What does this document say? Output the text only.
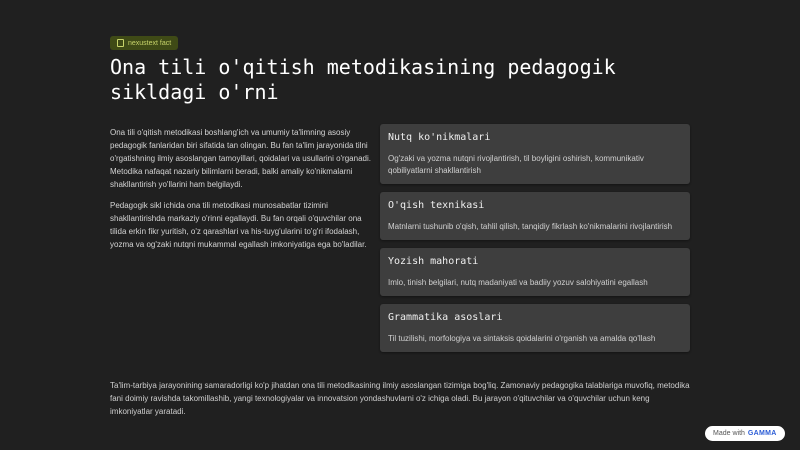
nexustext fact
Ona tili o'qitish metodikasining pedagogik sikldagi o'rni

Ona tili o'qitish metodikasi boshlang'ich va umumiy ta'limning asosiy pedagogik fanlaridan biri sifatida tan olingan. Bu fan ta'lim jarayonida tilni o'rgatishning ilmiy asoslangan tamoyillari, qoidalari va usullarini o'rganadi. Metodika nafaqat nazariy bilimlarni beradi, balki amaliy ko'nikmalarni shakllantirish yo'llarini ham belgilaydi.

Pedagogik sikl ichida ona tili metodikasi munosabatlar tizimini shakllantirishda markaziy o'rinni egallaydi. Bu fan orqali o'quvchilar ona tilida erkin fikr yuritish, o'z qarashlari va his-tuyg'ularini to'g'ri ifodalash, yozma va og'zaki nutqni mukammal egallash imkoniyatiga ega bo'ladilar.

Nutq ko'nikmalari

Og'zaki va yozma nutqni rivojlantirish, til boyligini oshirish, kommunikativ qobiliyatlarni shakllantirish

O'qish texnikasi

Matnlarni tushunib o'qish, tahlil qilish, tanqidiy fikrlash ko'nikmalarini rivojlantirish

Yozish mahorati

Imlo, tinish belgilari, nutq madaniyati va badiiy yozuv salohiyatini egallash

Grammatika asoslari

Til tuzilishi, morfologiya va sintaksis qoidalarini o'rganish va amalda qo'llash

Ta'lim-tarbiya jarayonining samaradorligi ko'p jihatdan ona tili metodikasining ilmiy asoslangan tizimiga bog'liq. Zamonaviy pedagogika talablariga muvofiq, metodika fani doimiy ravishda takomillashib, yangi texnologiyalar va innovatsion yondashuvlarni o'z ichiga oladi. Bu jarayon o'qituvchilar va o'quvchilar uchun keng imkoniyatlar yaratadi.

Made with GAMMA
